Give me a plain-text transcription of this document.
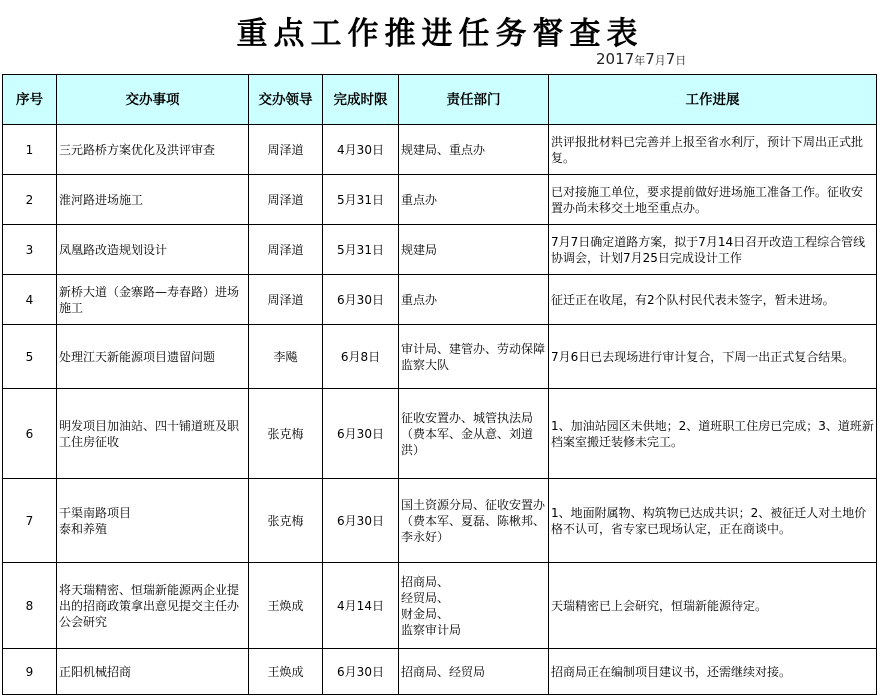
重点工作推进任务督查表
2017年7月7日
序号	交办事项	交办领导	完成时限	责任部门	工作进展
1	三元路桥方案优化及洪评审查	周泽道	4月30日	规建局、重点办	洪评报批材料已完善并上报至省水利厅，预计下周出正式批复。
2	淮河路进场施工	周泽道	5月31日	重点办	已对接施工单位，要求提前做好进场施工准备工作。征收安置办尚未移交土地至重点办。
3	凤凰路改造规划设计	周泽道	5月31日	规建局	7月7日确定道路方案，拟于7月14日召开改造工程综合管线协调会，计划7月25日完成设计工作
4	新桥大道（金寨路—寿春路）进场施工	周泽道	6月30日	重点办	征迁正在收尾，有2个队村民代表未签字，暂未进场。
5	处理江天新能源项目遗留问题	李飚	6月8日	审计局、建管办、劳动保障监察大队	7月6日已去现场进行审计复合，下周一出正式复合结果。
6	明发项目加油站、四十铺道班及职工住房征收	张克梅	6月30日	征收安置办、城管执法局（费本军、金从意、刘道洪）	1、加油站园区未供地；2、道班职工住房已完成；3、道班新档案室搬迁装修未完工。
7	干渠南路项目
泰和养殖	张克梅	6月30日	国土资源分局、征收安置办（费本军、夏磊、陈楸邦、李永好）	1、地面附属物、构筑物已达成共识；2、被征迁人对土地价格不认可，省专家已现场认定，正在商谈中。
8	将天瑞精密、恒瑞新能源两企业提出的招商政策拿出意见提交主任办公会研究	王焕成	4月14日	招商局、
经贸局、
财金局、
监察审计局	天瑞精密已上会研究，恒瑞新能源待定。
9	正阳机械招商	王焕成	6月30日	招商局、经贸局	招商局正在编制项目建议书，还需继续对接。
